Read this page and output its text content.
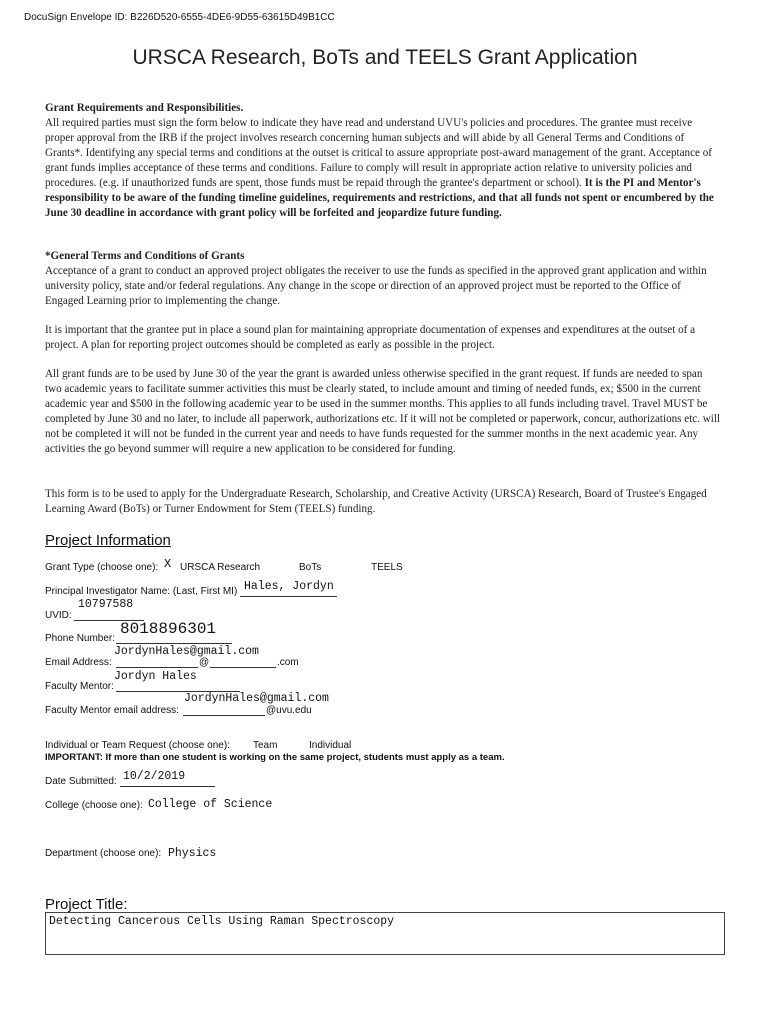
DocuSign Envelope ID: B226D520-6555-4DE6-9D55-63615D49B1CC
URSCA Research, BoTs and TEELS Grant Application

Grant Requirements and Responsibilities.

All required parties must sign the form below to indicate they have read and understand UVU's policies and procedures. The grantee must receive proper approval from the IRB if the project involves research concerning human subjects and will abide by all General Terms and Conditions of Grants*. Identifying any special terms and conditions at the outset is critical to assure appropriate post-award management of the grant. Acceptance of grant funds implies acceptance of these terms and conditions. Failure to comply will result in appropriate action relative to university policies and procedures. (e.g. if unauthorized funds are spent, those funds must be repaid through the grantee's department or school). It is the PI and Mentor's responsibility to be aware of the funding timeline guidelines, requirements and restrictions, and that all funds not spent or encumbered by the June 30 deadline in accordance with grant policy will be forfeited and jeopardize future funding.

*General Terms and Conditions of Grants

Acceptance of a grant to conduct an approved project obligates the receiver to use the funds as specified in the approved grant application and within university policy, state and/or federal regulations. Any change in the scope or direction of an approved project must be reported to the Office of Engaged Learning prior to implementing the change.

It is important that the grantee put in place a sound plan for maintaining appropriate documentation of expenses and expenditures at the outset of a project. A plan for reporting project outcomes should be completed as early as possible in the project.
All grant funds are to be used by June 30 of the year the grant is awarded unless otherwise specified in the grant request. If funds are needed to span two academic years to facilitate summer activities this must be clearly stated, to include amount and timing of needed funds, ex; $500 in the current academic year and $500 in the following academic year to be used in the summer months. This applies to all funds including travel. Travel MUST be completed by June 30 and no later, to include all paperwork, authorizations etc. If it will not be completed or paperwork, concur, authorizations etc. will not be completed it will not be funded in the current year and needs to have funds requested for the summer months in the next academic year. Any activities the go beyond summer will require a new application to be considered for funding.
This form is to be used to apply for the Undergraduate Research, Scholarship, and Creative Activity (URSCA) Research, Board of Trustee's Engaged Learning Award (BoTs) or Turner Endowment for Stem (TEELS) funding.
Project Information
Grant Type (choose one): X URSCA Research	BoTs	TEELS
Principal Investigator Name: (Last, First MI) Hales, Jordyn
UVID:
10797588
Phone Number:
8018896301
Email Address:	@	.com
JordynHales@gmail.com
Faculty Mentor:
Jordyn Hales
Faculty Mentor email address:	@uvu.edu
JordynHales@gmail.com
Individual or Team Request (choose one): Team	Individual
IMPORTANT: If more than one student is working on the same project, students must apply as a team.
Date Submitted: 10/2/2019
College (choose one): College of Science
Department (choose one): Physics
Project Title:
Detecting Cancerous Cells Using Raman Spectroscopy
